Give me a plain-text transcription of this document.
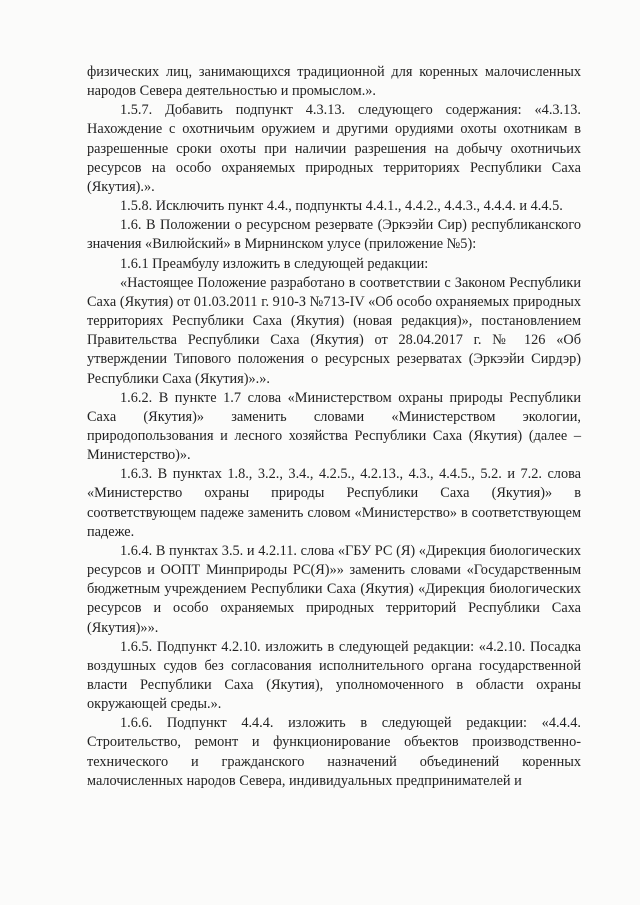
физических лиц, занимающихся традиционной для коренных малочисленных народов Севера деятельностью и промыслом.».

1.5.7. Добавить подпункт 4.3.13. следующего содержания: «4.3.13. Нахождение с охотничьим оружием и другими орудиями охоты охотникам в разрешенные сроки охоты при наличии разрешения на добычу охотничьих ресурсов на особо охраняемых природных территориях Республики Саха (Якутия).».

1.5.8. Исключить пункт 4.4., подпункты 4.4.1., 4.4.2., 4.4.3., 4.4.4. и 4.4.5.

1.6. В Положении о ресурсном резервате (Эркээйи Сир) республиканского значения «Вилюйский» в Мирнинском улусе (приложение №5):

1.6.1 Преамбулу изложить в следующей редакции:

«Настоящее Положение разработано в соответствии с Законом Республики Саха (Якутия) от 01.03.2011 г. 910-З №713-IV «Об особо охраняемых природных территориях Республики Саха (Якутия) (новая редакция)», постановлением Правительства Республики Саха (Якутия) от 28.04.2017 г. № 126 «Об утверждении Типового положения о ресурсных резерватах (Эркээйи Сирдэр) Республики Саха (Якутия)».».

1.6.2. В пункте 1.7 слова «Министерством охраны природы Республики Саха (Якутия)» заменить словами «Министерством экологии, природопользования и лесного хозяйства Республики Саха (Якутия) (далее – Министерство)».

1.6.3. В пунктах 1.8., 3.2., 3.4., 4.2.5., 4.2.13., 4.3., 4.4.5., 5.2. и 7.2. слова «Министерство охраны природы Республики Саха (Якутия)» в соответствующем падеже заменить словом «Министерство» в соответствующем падеже.

1.6.4. В пунктах 3.5. и 4.2.11. слова «ГБУ РС (Я) «Дирекция биологических ресурсов и ООПТ Минприроды РС(Я)»» заменить словами «Государственным бюджетным учреждением Республики Саха (Якутия) «Дирекция биологических ресурсов и особо охраняемых природных территорий Республики Саха (Якутия)»».

1.6.5. Подпункт 4.2.10. изложить в следующей редакции: «4.2.10. Посадка воздушных судов без согласования исполнительного органа государственной власти Республики Саха (Якутия), уполномоченного в области охраны окружающей среды.».

1.6.6. Подпункт 4.4.4. изложить в следующей редакции: «4.4.4. Строительство, ремонт и функционирование объектов производственно-технического и гражданского назначений объединений коренных малочисленных народов Севера, индивидуальных предпринимателей и
